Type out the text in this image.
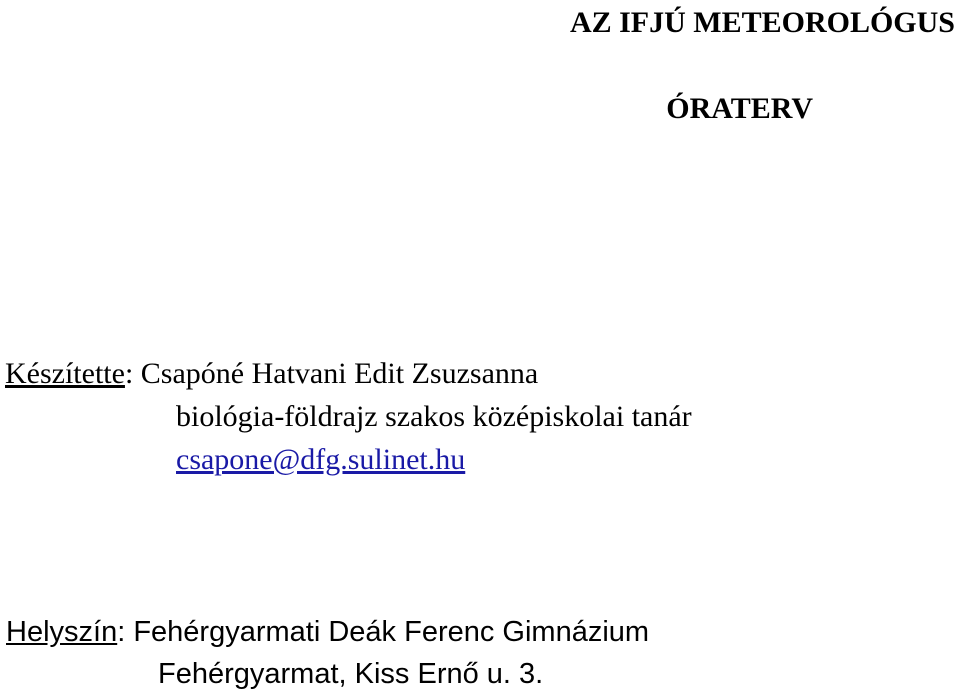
AZ IFJÚ METEOROLÓGUS
ÓRATERV
Készítette: Csapóné Hatvani Edit Zsuzsanna
biológia-földrajz szakos középiskolai tanár
csapone@dfg.sulinet.hu
Helyszín: Fehérgyarmati Deák Ferenc Gimnázium
Fehérgyarmat, Kiss Ernő u. 3.
